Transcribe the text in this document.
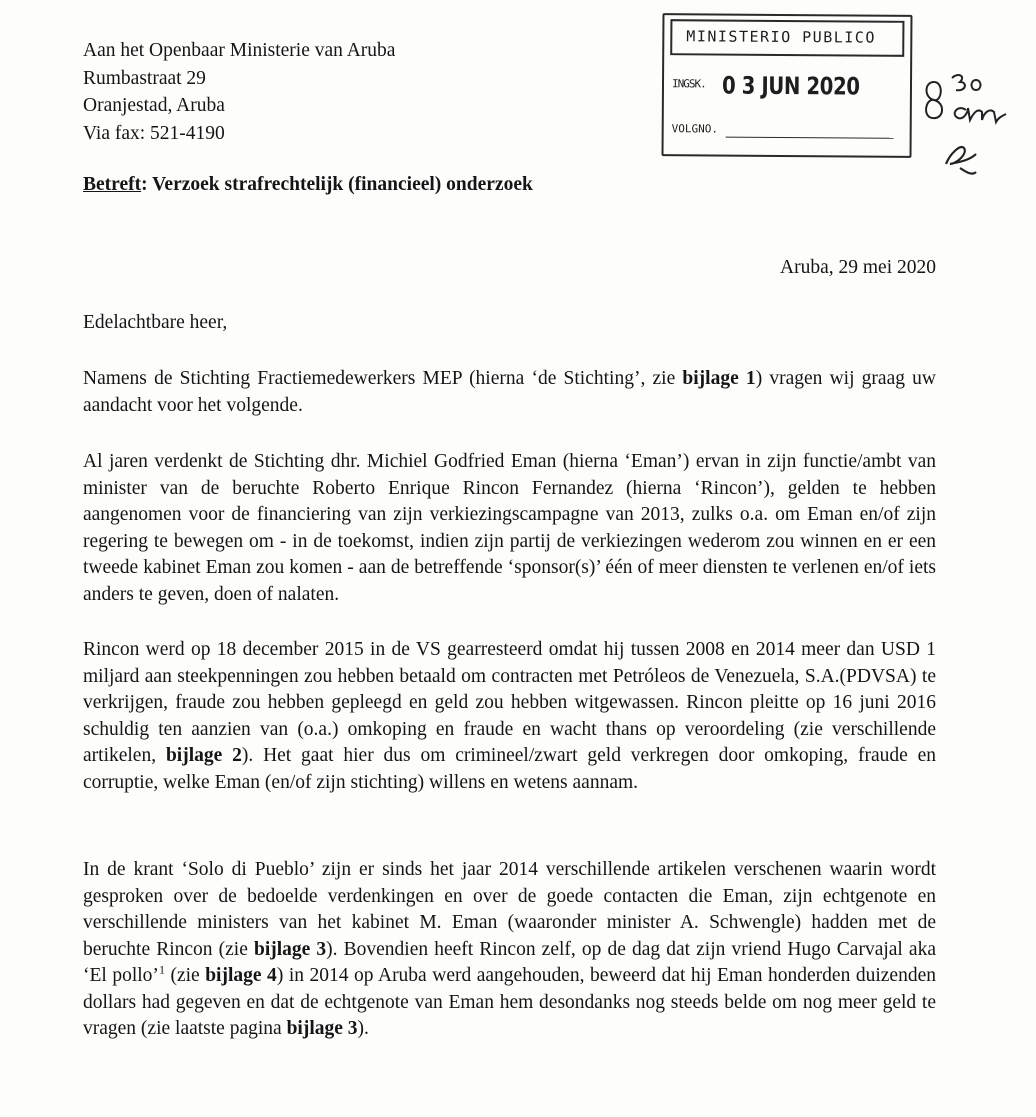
Aan het Openbaar Ministerie van Aruba
Rumbastraat 29
Oranjestad, Aruba
Via fax: 521-4190
MINISTERIO PUBLICO
INGSK. 0 3 JUN 2020
VOLGNO.
Betreft: Verzoek strafrechtelijk (financieel) onderzoek
Aruba, 29 mei 2020
Edelachtbare heer,

Namens de Stichting Fractiemedewerkers MEP (hierna ‘de Stichting’, zie bijlage 1) vragen wij graag uw aandacht voor het volgende.

Al jaren verdenkt de Stichting dhr. Michiel Godfried Eman (hierna ‘Eman’) ervan in zijn functie/ambt van minister van de beruchte Roberto Enrique Rincon Fernandez (hierna ‘Rincon’), gelden te hebben aangenomen voor de financiering van zijn verkiezingscampagne van 2013, zulks o.a. om Eman en/of zijn regering te bewegen om - in de toekomst, indien zijn partij de verkiezingen wederom zou winnen en er een tweede kabinet Eman zou komen - aan de betreffende ‘sponsor(s)’ één of meer diensten te verlenen en/of iets anders te geven, doen of nalaten.

Rincon werd op 18 december 2015 in de VS gearresteerd omdat hij tussen 2008 en 2014 meer dan USD 1 miljard aan steekpenningen zou hebben betaald om contracten met Petróleos de Venezuela, S.A.(PDVSA) te verkrijgen, fraude zou hebben gepleegd en geld zou hebben witgewassen. Rincon pleitte op 16 juni 2016 schuldig ten aanzien van (o.a.) omkoping en fraude en wacht thans op veroordeling (zie verschillende artikelen, bijlage 2). Het gaat hier dus om crimineel/zwart geld verkregen door omkoping, fraude en corruptie, welke Eman (en/of zijn stichting) willens en wetens aannam.

In de krant ‘Solo di Pueblo’ zijn er sinds het jaar 2014 verschillende artikelen verschenen waarin wordt gesproken over de bedoelde verdenkingen en over de goede contacten die Eman, zijn echtgenote en verschillende ministers van het kabinet M. Eman (waaronder minister A. Schwengle) hadden met de beruchte Rincon (zie bijlage 3). Bovendien heeft Rincon zelf, op de dag dat zijn vriend Hugo Carvajal aka ‘El pollo’$^1$ (zie bijlage 4) in 2014 op Aruba werd aangehouden, beweerd dat hij Eman honderden duizenden dollars had gegeven en dat de echtgenote van Eman hem desondanks nog steeds belde om nog meer geld te vragen (zie laatste pagina bijlage 3).
